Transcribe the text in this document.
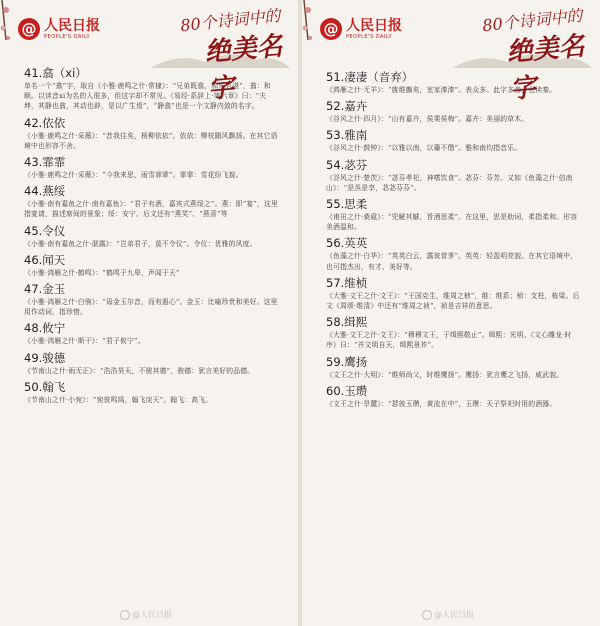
@ 人民日报
PEOPLE'S DAILY
80个诗词中的
绝美名字
41.翕（xi）
单名一个“翕”字，取自《小雅·鹿鸣之什·常棣》：“兄弟既翕，和乐且湛”，翕：和顺。以读音xi为名的人很多，但这字却不常见。《易经·系辞上·第六章》曰：“夫坤，其静也翕，其动也辟，是以广生焉”，“静翕”也是一个文静内敛的名字。
42.依依
《小雅·鹿鸣之什·采薇》：“昔我往矣，杨柳依依”。依依：柳枝随风飘扬。在其它语境中也形容不舍。
43.霏霏
《小雅·鹿鸣之什·采薇》：“今我来思，雨雪霏霏”。霏霏：雪花纷飞貌。
44.燕绥
《小雅·南有嘉鱼之什·南有嘉鱼》：“君子有酒，嘉宾式燕绥之”。燕：即“宴”，这里指宴请，描述席间的景象；绥：安宁。后文还有“燕笑”、“燕喜”等
45.令仪
《小雅·南有嘉鱼之什·湛露》：“岂弟君子，莫不令仪”。令仪：优雅的风度。
46.闻天
《小雅·鸿雁之什·鹤鸣》：“鹤鸣于九皋，声闻于天”
47.金玉
《小雅·鸿雁之什·白驹》：“毋金玉尔音，而有遐心”。金玉：比喻珍贵和美好。这里用作动词，指珍惜。
48.攸宁
《小雅·鸿雁之什·斯干》：“君子攸宁”。
49.骏德
《节南山之什·雨无正》：“浩浩昊天，不骏其德”，骏德：犹言美好的品德。
50.翰飞
《节南山之什·小宛》：“宛彼鸣鸠，翰飞戾天”。翰飞：高飞。
@人民日报
@ 人民日报
PEOPLE'S DAILY
80个诗词中的
绝美名字
51.凄凄（音弃）
《鸿雁之什·无羊》：“旐维旟矣，室家溱溱”。表众多。此字多音，也读秦。
52.嘉卉
《谷风之什·四月》：“山有嘉卉，侯栗侯梅”。嘉卉：美丽的草木。
53.雅南
《谷风之什·鼓钟》：“以雅以南，以籥不僭”。雅和南均指音乐。
54.苾芬
《谷风之什·楚茨》：“苾芬孝祀，神嗜饮食”。苾芬：芬芳。又如《鱼藻之什·信南山》：“是烝是享，苾苾芬芬”。
55.思柔
《甫田之什·桑扈》：“兕觥其觩，旨酒思柔”。在这里，思是助词，柔指柔和。形容美酒温和。
56.英英
《鱼藻之什·白华》：“英英白云，露彼菅茅”。英英：轻盈明亮貌。在其它语境中，也可指杰出，有才、美好等。
57.维桢
《大雅·文王之什·文王》：“王国克生，维周之桢”，维：维系；桢：支柱，栋梁。后文《周颂·维清》中还有“维周之祯”，祯是吉祥的意思。
58.缉熙
《大雅·文王之什·文王》：“穆穆文王，于缉熙敬止”。缉熙：光明。《文心雕龙·时序》曰：“并文明自天，缉熙景祚”。
59.鹰扬
《文王之什·大明》：“维师尚父，时维鹰扬”。鹰扬：犹言鹰之飞扬，威武貌。
60.玉瓒
《文王之什·旱麓》：“瑟彼玉瓒，黄流在中”，玉瓒：天子祭祀时用的酒器。
@人民日报
